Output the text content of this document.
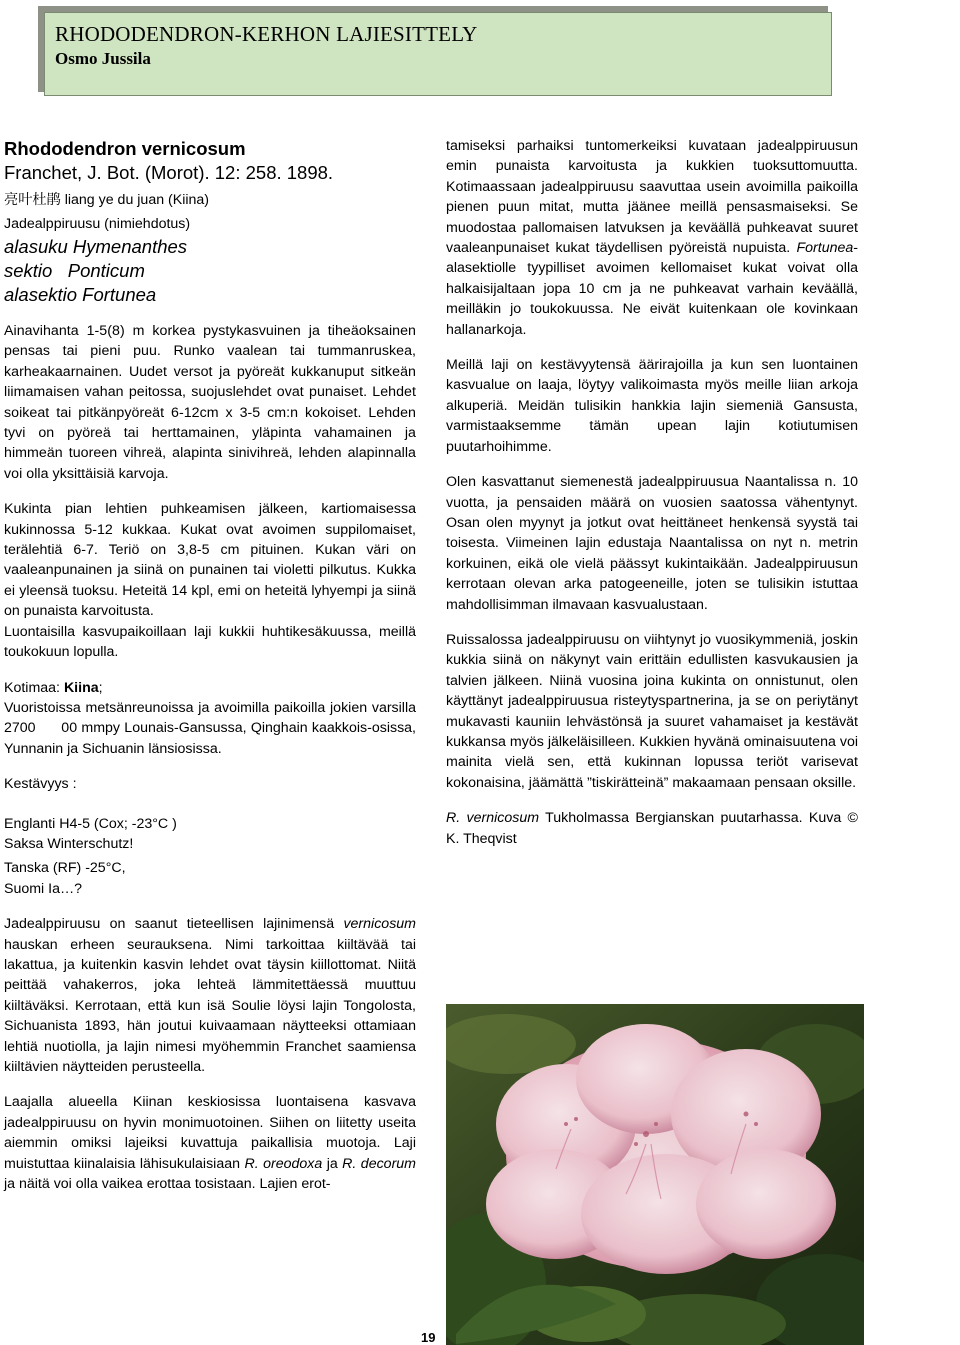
RHODODENDRON-KERHON LAJIESITTELY
Osmo Jussila
Rhododendron vernicosum
Franchet, J. Bot. (Morot). 12: 258. 1898.
亮叶杜鹃 liang ye du juan (Kiina)
Jadealppiruusu (nimiehdotus)
alasuku Hymenanthes
sektio   Ponticum
alasektio Fortunea

Ainavihanta 1-5(8) m korkea pystykasvuinen ja tiheäoksainen pensas tai pieni puu. Runko vaalean tai tummanruskea, karheakaarnainen. Uudet versot ja pyöreät kukkanuput sitkeän liimamaisen vahan peitossa, suojuslehdet ovat punaiset. Lehdet soikeat tai pitkänpyöreät 6-12cm x 3-5 cm:n kokoiset. Lehden tyvi on pyöreä tai herttamainen, yläpinta vahamainen ja himmeän tuoreen vihreä, alapinta sinivihreä, lehden alapinnalla voi olla yksittäisiä karvoja.

Kukinta pian lehtien puhkeamisen jälkeen, kartiomaisessa kukinnossa 5-12 kukkaa. Kukat ovat avoimen suppilomaiset, terälehtiä 6-7. Teriö on 3,8-5 cm pituinen. Kukan väri on vaaleanpunainen ja siinä on punainen tai violetti pilkutus. Kukka ei yleensä tuoksu. Heteitä 14 kpl, emi on heteitä lyhyempi ja siinä on punaista karvoitusta.

Luontaisilla kasvupaikoillaan laji kukkii huhtikesäkuussa, meillä toukokuun lopulla.

Kotimaa: Kiina;

Vuoristoissa metsänreunoissa ja avoimilla paikoilla jokien varsilla 2700      00 mmpy Lounais-Gansussa, Qinghain kaakkois-osissa, Yunnanin ja Sichuanin länsiosissa.

Kestävyys :

Englanti H4-5 (Cox; -23°C )

Saksa Winterschutz!

Tanska (RF) -25°C,

Suomi Ia…?

Jadealppiruusu on saanut tieteellisen lajinimensä vernicosum hauskan erheen seurauksena. Nimi tarkoittaa kiiltävää tai lakattua, ja kuitenkin kasvin lehdet ovat täysin kiillottomat. Niitä peittää vahakerros, joka lehteä lämmitettäessä muuttuu kiiltäväksi. Kerrotaan, että kun isä Soulie löysi lajin Tongolosta, Sichuanista 1893, hän joutui kuivaamaan näytteeksi ottamiaan lehtiä nuotiolla, ja lajin nimesi myöhemmin Franchet saamiensa kiiltävien näytteiden perusteella.

Laajalla alueella Kiinan keskiosissa luontaisena kasvava jadealppiruusu on hyvin monimuotoinen. Siihen on liitetty useita aiemmin omiksi lajeiksi kuvattuja paikallisia muotoja. Laji muistuttaa kiinalaisia lähisukulaisiaan R. oreodoxa ja R. decorum ja näitä voi olla vaikea erottaa tosistaan. Lajien erot-

tamiseksi parhaiksi tuntomerkeiksi kuvataan jadealppiruusun emin punaista karvoitusta ja kukkien tuoksuttomuutta. Kotimaassaan jadealppiruusu saavuttaa usein avoimilla paikoilla pienen puun mitat, mutta jäänee meillä pensasmaiseksi. Se muodostaa pallomaisen latvuksen ja keväällä puhkeavat suuret vaaleanpunaiset kukat täydellisen pyöreistä nupuista. Fortunea-alasektiolle tyypilliset avoimen kellomaiset kukat voivat olla halkaisijaltaan jopa 10 cm ja ne puhkeavat varhain keväällä, meilläkin jo toukokuussa. Ne eivät kuitenkaan ole kovinkaan hallanarkoja.

Meillä laji on kestävyytensä äärirajoilla ja kun sen luontainen kasvualue on laaja, löytyy valikoimasta myös meille liian arkoja alkuperiä. Meidän tulisikin hankkia lajin siemeniä Gansusta, varmistaaksemme tämän upean lajin kotiutumisen puutarhoihimme.

Olen kasvattanut siemenestä jadealppiruusua Naantalissa n. 10 vuotta, ja pensaiden määrä on vuosien saatossa vähentynyt. Osan olen myynyt ja jotkut ovat heittäneet henkensä syystä tai toisesta. Viimeinen lajin edustaja Naantalissa on nyt n. metrin korkuinen, eikä ole vielä päässyt kukintaikään. Jadealppiruusun kerrotaan olevan arka patogeeneille, joten se tulisikin istuttaa mahdollisimman ilmavaan kasvualustaan.

Ruissalossa jadealppiruusu on viihtynyt jo vuosikymmeniä, joskin kukkia siinä on näkynyt vain erittäin edullisten kasvukausien ja talvien jälkeen. Niinä vuosina joina kukinta on onnistunut, olen käyttänyt jadealppiruusua risteytyspartnerina, ja se on periytänyt mukavasti kauniin lehvästönsä ja suuret vahamaiset ja kestävät kukkansa myös jälkeläisilleen. Kukkien hyvänä ominaisuutena voi mainita vielä sen, että kukinnan lopussa teriöt varisevat kokonaisina, jäämättä ”tiskirätteinä” makaamaan pensaan oksille.

R. vernicosum Tukholmassa Bergianskan puutarhassa. Kuva © K. Theqvist

19
